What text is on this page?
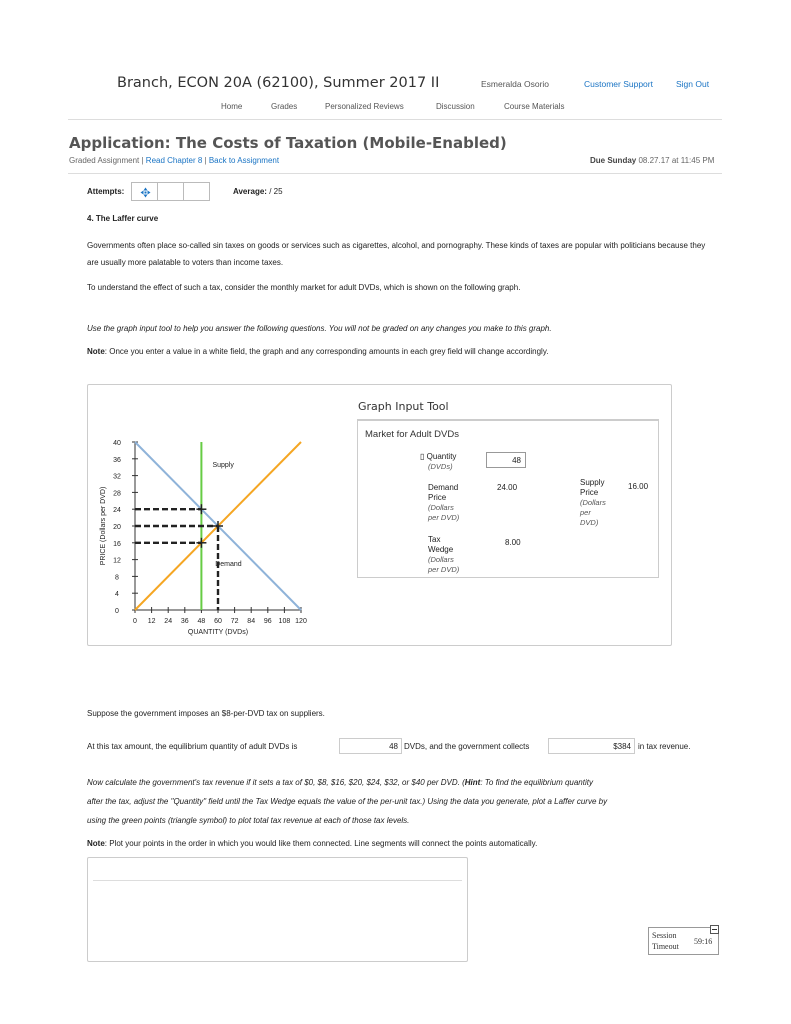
Branch, ECON 20A (62100), Summer 2017 II	Esmeralda Osorio	Customer Support	Sign Out
Home	Grades	Personalized Reviews	Discussion	Course Materials
Application: The Costs of Taxation (Mobile-Enabled)
Graded Assignment | Read Chapter 8 | Back to Assignment	Due Sunday 08.27.17 at 11:45 PM
Attempts:	Average: / 25
4. The Laffer curve
Governments often place so-called sin taxes on goods or services such as cigarettes, alcohol, and pornography. These kinds of taxes are popular with politicians because they are usually more palatable to voters than income taxes.
To understand the effect of such a tax, consider the monthly market for adult DVDs, which is shown on the following graph.
Use the graph input tool to help you answer the following questions. You will not be graded on any changes you make to this graph.
Note: Once you enter a value in a white field, the graph and any corresponding amounts in each grey field will change accordingly.
0
4
8
12
16
20
24
28
32
36
40
0 12 24 36 48 60 72 84 96 108 120
QUANTITY (DVDs)
PRICE (Dollars per DVD)
Supply
Demand
Graph Input Tool
Market for Adult DVDs
▯ Quantity
(DVDs)
48
Demand
Price
(Dollars
per DVD)
24.00
Supply
Price
(Dollars
per
DVD)
16.00
Tax
Wedge
(Dollars
per DVD)
8.00
Suppose the government imposes an $8-per-DVD tax on suppliers.
At this tax amount, the equilibrium quantity of adult DVDs is	48 DVDs, and the government collects	$384 in tax revenue.
Now calculate the government's tax revenue if it sets a tax of $0, $8, $16, $20, $24, $32, or $40 per DVD. (Hint: To find the equilibrium quantity
after the tax, adjust the "Quantity" field until the Tax Wedge equals the value of the per-unit tax.) Using the data you generate, plot a Laffer curve by
using the green points (triangle symbol) to plot total tax revenue at each of those tax levels.
Note: Plot your points in the order in which you would like them connected. Line segments will connect the points automatically.
Session
Timeout
59:16
